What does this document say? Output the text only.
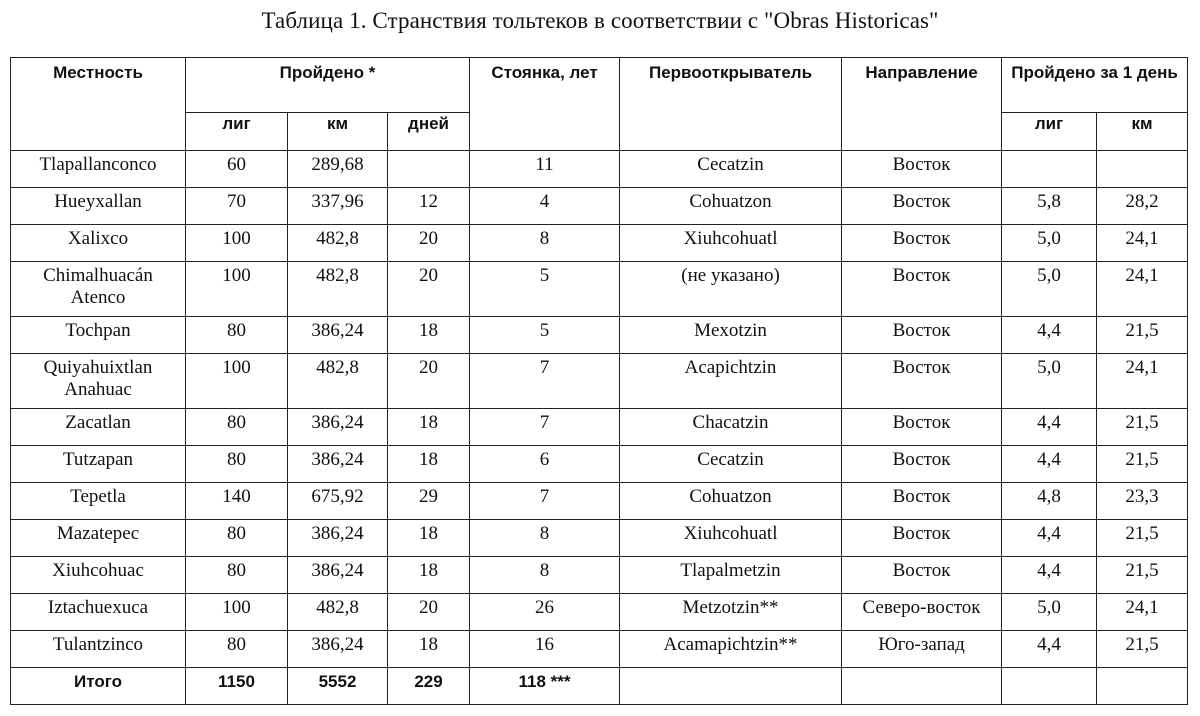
Таблица 1. Странствия тольтеков в соответствии с "Obras Historicas"
Местность	Пройдено *			Стоянка, лет	Первооткрыватель	Направление	Пройдено за 1 день	

	лиг	км	дней				лиг	км

Tlapallanconco	60	289,68		11	Cecatzin	Восток		

Hueyxallan	70	337,96	12	4	Cohuatzon	Восток	5,8	28,2

Xalixco	100	482,8	20	8	Xiuhcohuatl	Восток	5,0	24,1

Chimalhuacán
Atenco	100	482,8	20	5	(не указано)	Восток	5,0	24,1

Tochpan	80	386,24	18	5	Mexotzin	Восток	4,4	21,5

Quiyahuixtlan
Anahuac	100	482,8	20	7	Acapichtzin	Восток	5,0	24,1

Zacatlan	80	386,24	18	7	Chacatzin	Восток	4,4	21,5

Tutzapan	80	386,24	18	6	Cecatzin	Восток	4,4	21,5

Tepetla	140	675,92	29	7	Cohuatzon	Восток	4,8	23,3

Mazatepec	80	386,24	18	8	Xiuhcohuatl	Восток	4,4	21,5

Xiuhcohuac	80	386,24	18	8	Tlapalmetzin	Восток	4,4	21,5

Iztachuexuca	100	482,8	20	26	Metzotzin**	Северо-восток	5,0	24,1

Tulantzinco	80	386,24	18	16	Acamapichtzin**	Юго-запад	4,4	21,5

Итого	1150	5552	229	118 ***				
